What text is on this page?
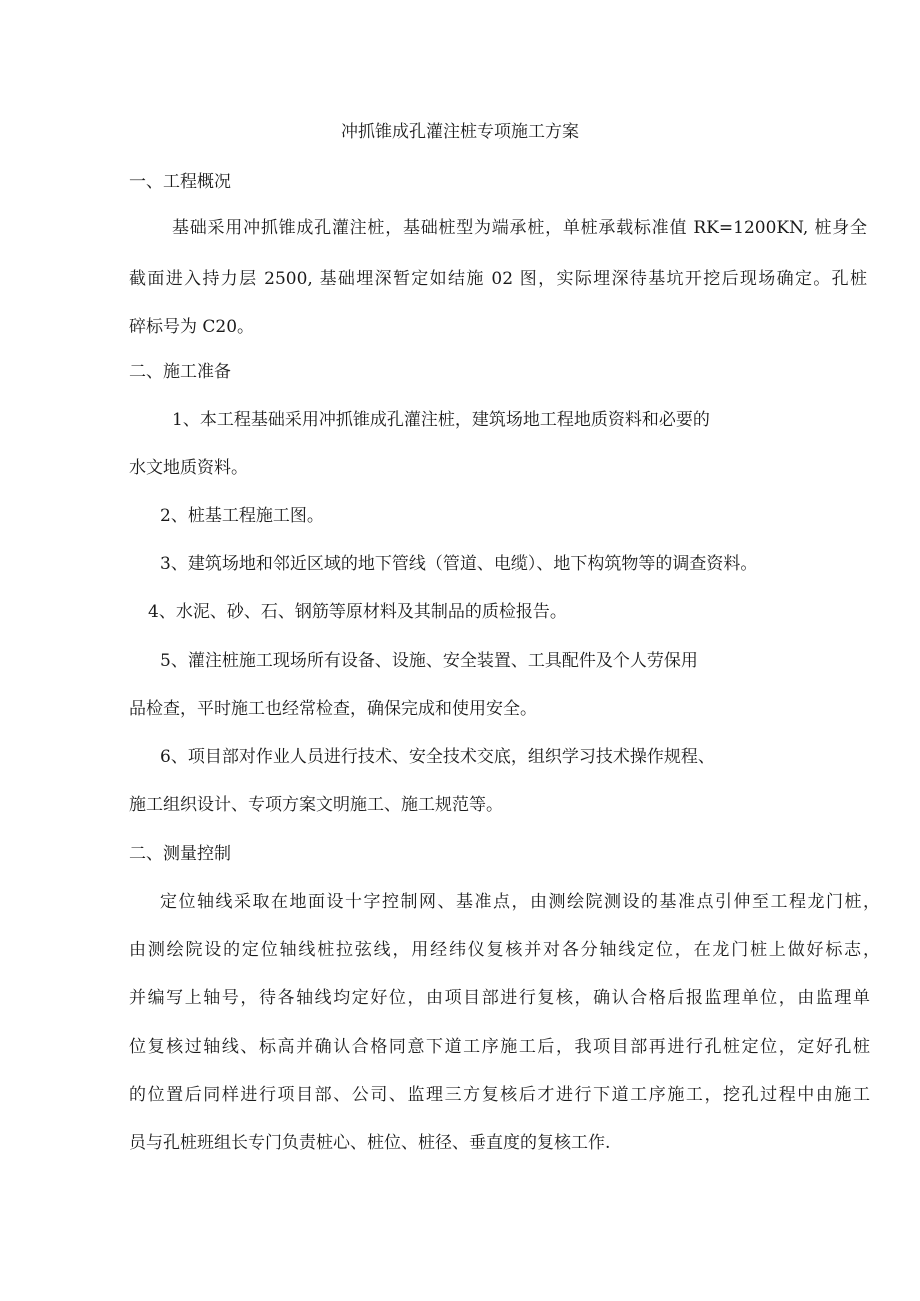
冲抓锥成孔灌注桩专项施工方案
一、工程概况
基础采用冲抓锥成孔灌注桩，基础桩型为端承桩，单桩承载标准值 RK=1200KN, 桩身全
截面进入持力层 2500, 基础埋深暂定如结施 02 图，实际埋深待基坑开挖后现场确定。孔桩
碎标号为 C20。
二、施工准备
1、本工程基础采用冲抓锥成孔灌注桩，建筑场地工程地质资料和必要的
水文地质资料。
2、桩基工程施工图。
3、建筑场地和邻近区域的地下管线（管道、电缆）、地下构筑物等的调查资料。
4、水泥、砂、石、钢筋等原材料及其制品的质检报告。
5、灌注桩施工现场所有设备、设施、安全装置、工具配件及个人劳保用
品检查，平时施工也经常检查，确保完成和使用安全。
6、项目部对作业人员进行技术、安全技术交底，组织学习技术操作规程、
施工组织设计、专项方案文明施工、施工规范等。
二、测量控制
定位轴线采取在地面设十字控制网、基准点，由测绘院测设的基准点引伸至工程龙门桩，
由测绘院设的定位轴线桩拉弦线，用经纬仪复核并对各分轴线定位，在龙门桩上做好标志，
并编写上轴号，待各轴线均定好位，由项目部进行复核，确认合格后报监理单位，由监理单
位复核过轴线、标高并确认合格同意下道工序施工后，我项目部再进行孔桩定位，定好孔桩
的位置后同样进行项目部、公司、监理三方复核后才进行下道工序施工，挖孔过程中由施工
员与孔桩班组长专门负责桩心、桩位、桩径、垂直度的复核工作.
